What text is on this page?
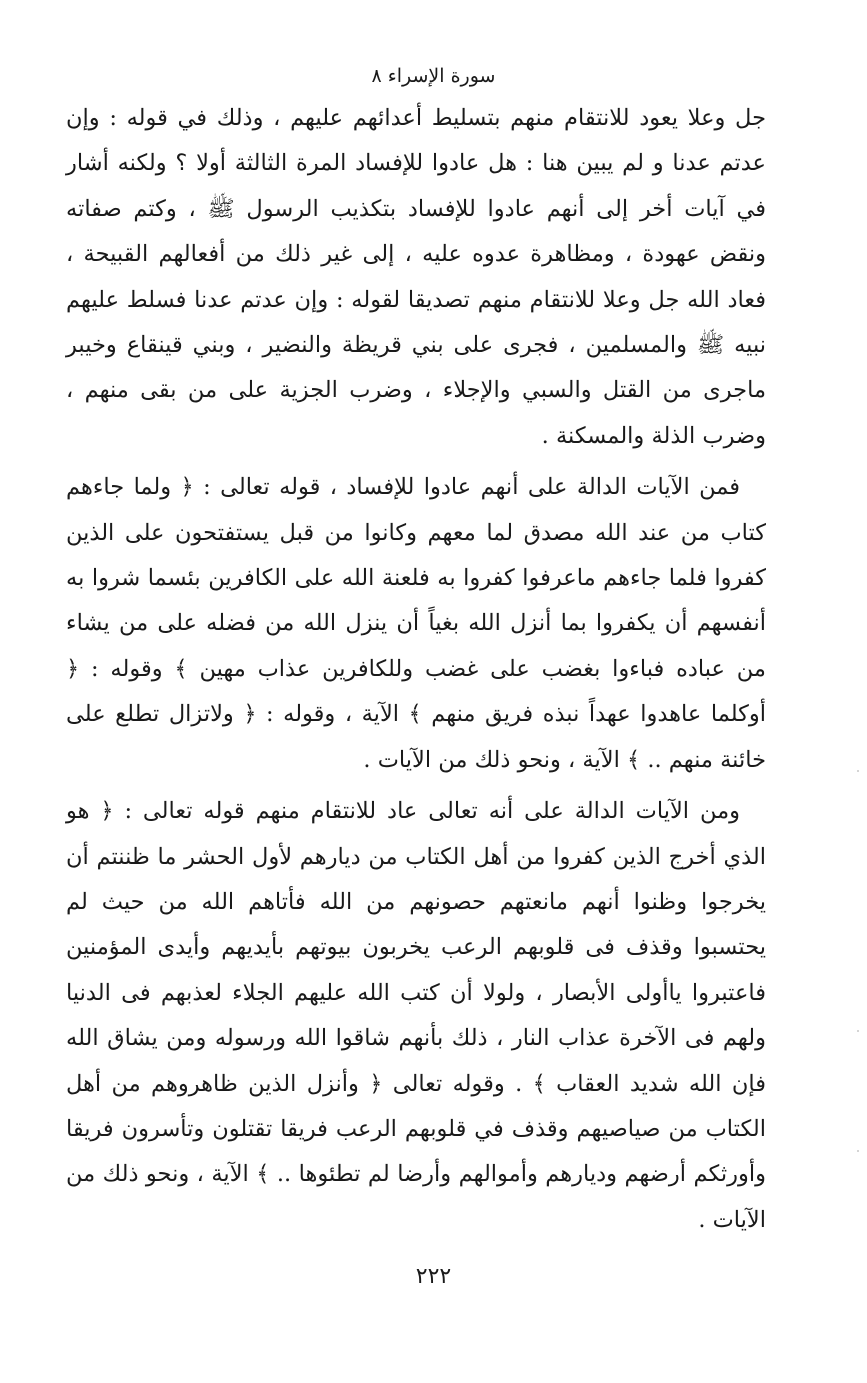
سورة الإسراء ٨

جل وعلا يعود للانتقام منهم بتسليط أعدائهم عليهم ، وذلك في قوله : وإن عدتم عدنا و لم يبين هنا : هل عادوا للإفساد المرة الثالثة أولا ؟ ولكنه أشار في آيات أخر إلى أنهم عادوا للإفساد بتكذيب الرسول ﷺ ، وكتم صفاته ونقض عهودة ، ومظاهرة عدوه عليه ، إلى غير ذلك من أفعالهم القبيحة ، فعاد الله جل وعلا للانتقام منهم تصديقا لقوله : وإن عدتم عدنا فسلط عليهم نبيه ﷺ والمسلمين ، فجرى على بني قريظة والنضير ، وبني قينقاع وخيبر ماجرى من القتل والسبي والإجلاء ، وضرب الجزية على من بقى منهم ، وضرب الذلة والمسكنة .

فمن الآيات الدالة على أنهم عادوا للإفساد ، قوله تعالى : ﴿ ولما جاءهم كتاب من عند الله مصدق لما معهم وكانوا من قبل يستفتحون على الذين كفروا فلما جاءهم ماعرفوا كفروا به فلعنة الله على الكافرين بئسما شروا به أنفسهم أن يكفروا بما أنزل الله بغياً أن ينزل الله من فضله على من يشاء من عباده فباءوا بغضب على غضب وللكافرين عذاب مهين ﴾ وقوله : ﴿ أوكلما عاهدوا عهداً نبذه فريق منهم ﴾ الآية ، وقوله : ﴿ ولاتزال تطلع على خائنة منهم .. ﴾ الآية ، ونحو ذلك من الآيات .

ومن الآيات الدالة على أنه تعالى عاد للانتقام منهم قوله تعالى : ﴿ هو الذي أخرج الذين كفروا من أهل الكتاب من ديارهم لأول الحشر ما ظننتم أن يخرجوا وظنوا أنهم مانعتهم حصونهم من الله فأتاهم الله من حيث لم يحتسبوا وقذف فى قلوبهم الرعب يخربون بيوتهم بأيديهم وأيدى المؤمنين فاعتبروا ياأولى الأبصار ، ولولا أن كتب الله عليهم الجلاء لعذبهم فى الدنيا ولهم فى الآخرة عذاب النار ، ذلك بأنهم شاقوا الله ورسوله ومن يشاق الله فإن الله شديد العقاب ﴾ . وقوله تعالى ﴿ وأنزل الذين ظاهروهم من أهل الكتاب من صياصيهم وقذف في قلوبهم الرعب فريقا تقتلون وتأسرون فريقا وأورثكم أرضهم وديارهم وأموالهم وأرضا لم تطئوها .. ﴾ الآية ، ونحو ذلك من الآيات .

٢٢٢
